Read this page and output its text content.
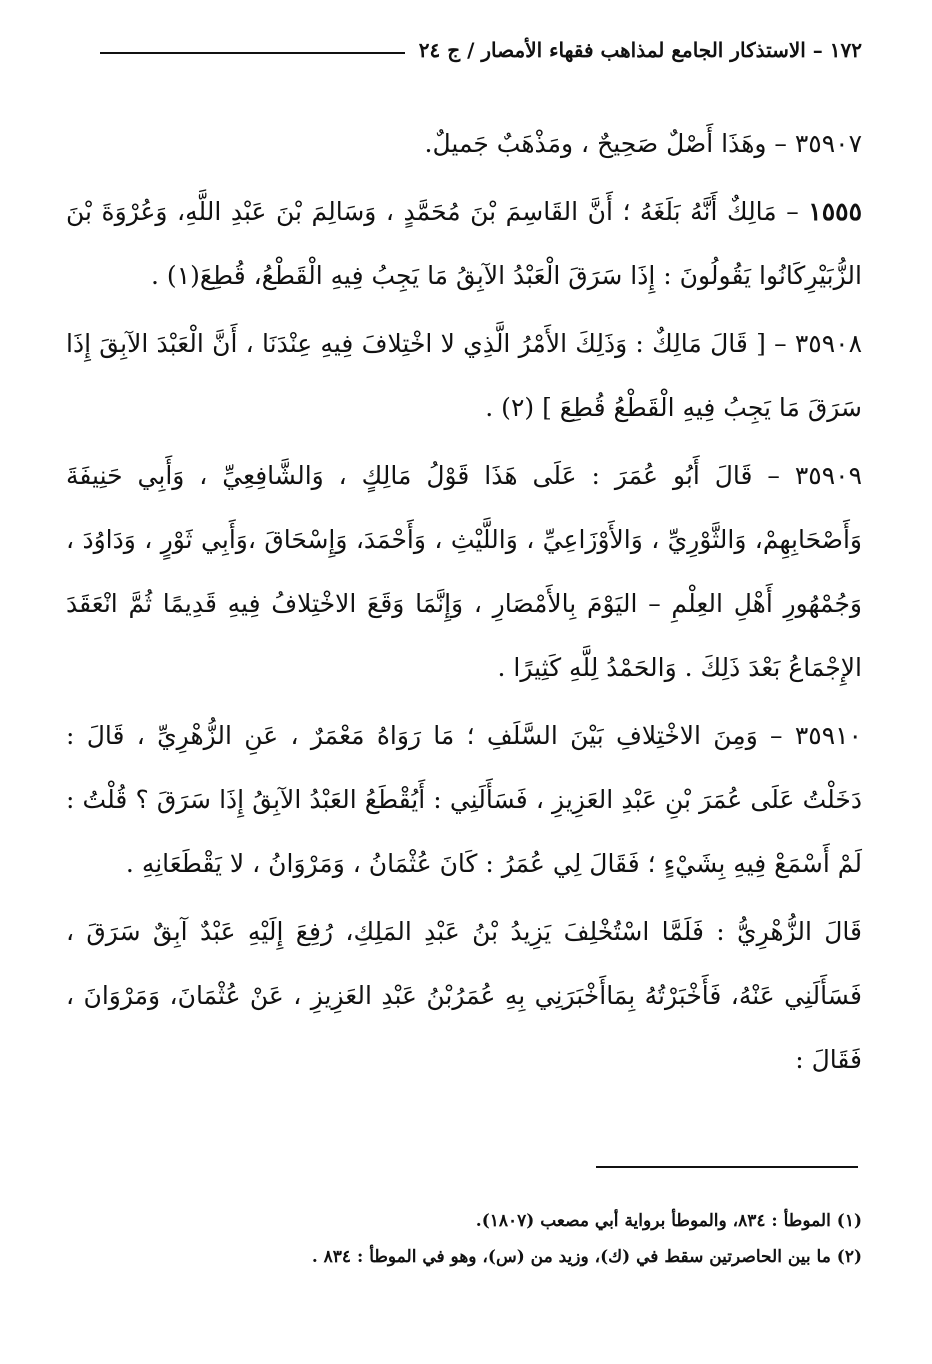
١٧٢ – الاستذكار الجامع لمذاهب فقهاء الأمصار / ج ٢٤

٣٥٩٠٧ – وهَذَا أَصْلٌ صَحِيحٌ ، ومَذْهَبٌ جَميلٌ.

١٥٥٥ – مَالِكٌ أَنَّهُ بَلَغَهُ ؛ أَنَّ القَاسِمَ بْنَ مُحَمَّدٍ ، وَسَالِمَ بْنَ عَبْدِ اللَّهِ، وَعُرْوَةَ بْنَ الزُّبَيْرِكَانُوا يَقُولُونَ : إِذَا سَرَقَ الْعَبْدُ الآبِقُ مَا يَجِبُ فِيهِ الْقَطْعُ، قُطِعَ(١) .

٣٥٩٠٨ – [ قَالَ مَالِكٌ : وَذَلِكَ الأَمْرُ الَّذِي لا اخْتِلافَ فِيهِ عِنْدَنَا ، أَنَّ الْعَبْدَ الآبِقَ إِذَا سَرَقَ مَا يَجِبُ فِيهِ الْقَطْعُ قُطِعَ ] (٢) .

٣٥٩٠٩ – قَالَ أَبُو عُمَرَ : عَلَى هَذَا قَوْلُ مَالِكٍ ، وَالشَّافِعِيِّ ، وَأَبِي حَنِيفَةَ وَأَصْحَابِهِمْ، وَالثَّوْرِيِّ ، وَالأَوْزَاعِيِّ ، وَاللَّيْثِ ، وَأَحْمَدَ، وَإِسْحَاقَ ،وَأَبِي ثَوْرٍ ، وَدَاوُدَ ، وَجُمْهُورِ أَهْلِ العِلْمِ – اليَوْمَ بِالأَمْصَارِ ، وَإِنَّمَا وَقَعَ الاخْتِلافُ فِيهِ قَدِيمًا ثُمَّ انْعَقَدَ الإِجْمَاعُ بَعْدَ ذَلِكَ . وَالحَمْدُ لِلَّهِ كَثِيرًا .

٣٥٩١٠ – وَمِنَ الاخْتِلافِ بَيْنَ السَّلَفِ ؛ مَا رَوَاهُ مَعْمَرٌ ، عَنِ الزُّهْرِيِّ ، قَالَ : دَخَلْتُ عَلَى عُمَرَ بْنِ عَبْدِ العَزِيزِ ، فَسَأَلَنِي : أَيُقْطَعُ العَبْدُ الآبِقُ إِذَا سَرَقَ ؟ قُلْتُ : لَمْ أَسْمَعْ فِيهِ بِشَيْءٍ ؛ فَقَالَ لِي عُمَرُ : كَانَ عُثْمَانُ ، وَمَرْوَانُ ، لا يَقْطَعَانِهِ .

قَالَ الزُّهْرِيُّ : فَلَمَّا اسْتُخْلِفَ يَزِيدُ بْنُ عَبْدِ المَلِكِ، رُفِعَ إِلَيْهِ عَبْدٌ آبِقٌ سَرَقَ ، فَسَأَلَنِي عَنْهُ، فَأَخْبَرْتُهُ بِمَاأَخْبَرَنِي بِهِ عُمَرُبْنُ عَبْدِ العَزِيزِ ، عَنْ عُثْمَانَ، وَمَرْوَانَ ، فَقَالَ :

(١) الموطأ : ٨٣٤، والموطأ برواية أبي مصعب (١٨٠٧).

(٢) ما بين الحاصرتين سقط في (ك)، وزيد من (س)، وهو في الموطأ : ٨٣٤ .
